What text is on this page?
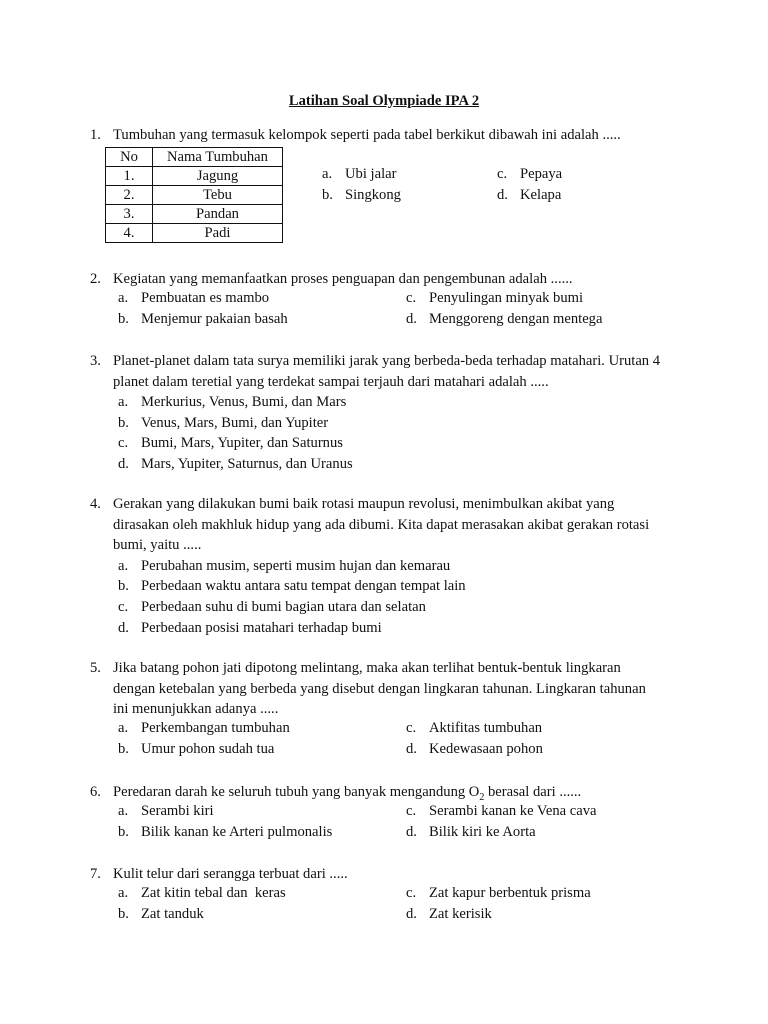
Latihan Soal Olympiade IPA 2
1. Tumbuhan yang termasuk kelompok seperti pada tabel berkikut dibawah ini adalah .....
No	Nama Tumbuhan
1.	Jagung
2.	Tebu
3.	Pandan
4.	Padi
a. Ubi jalar
b. Singkong
c. Pepaya
d. Kelapa
2. Kegiatan yang memanfaatkan proses penguapan dan pengembunan adalah ......
a. Pembuatan es mambo
b. Menjemur pakaian basah
c. Penyulingan minyak bumi
d. Menggoreng dengan mentega
3. Planet-planet dalam tata surya memiliki jarak yang berbeda-beda terhadap matahari. Urutan 4
planet dalam teretial yang terdekat sampai terjauh dari matahari adalah .....
a. Merkurius, Venus, Bumi, dan Mars
b. Venus, Mars, Bumi, dan Yupiter
c. Bumi, Mars, Yupiter, dan Saturnus
d. Mars, Yupiter, Saturnus, dan Uranus
4. Gerakan yang dilakukan bumi baik rotasi maupun revolusi, menimbulkan akibat yang
dirasakan oleh makhluk hidup yang ada dibumi. Kita dapat merasakan akibat gerakan rotasi
bumi, yaitu .....
a. Perubahan musim, seperti musim hujan dan kemarau
b. Perbedaan waktu antara satu tempat dengan tempat lain
c. Perbedaan suhu di bumi bagian utara dan selatan
d. Perbedaan posisi matahari terhadap bumi
5. Jika batang pohon jati dipotong melintang, maka akan terlihat bentuk-bentuk lingkaran
dengan ketebalan yang berbeda yang disebut dengan lingkaran tahunan. Lingkaran tahunan
ini menunjukkan adanya .....
a. Perkembangan tumbuhan
b. Umur pohon sudah tua
c. Aktifitas tumbuhan
d. Kedewasaan pohon
6. Peredaran darah ke seluruh tubuh yang banyak mengandung $O_2$ berasal dari ......
a. Serambi kiri
b. Bilik kanan ke Arteri pulmonalis
c. Serambi kanan ke Vena cava
d. Bilik kiri ke Aorta
7. Kulit telur dari serangga terbuat dari .....
a. Zat kitin tebal dan  keras
b. Zat tanduk
c. Zat kapur berbentuk prisma
d. Zat kerisik
